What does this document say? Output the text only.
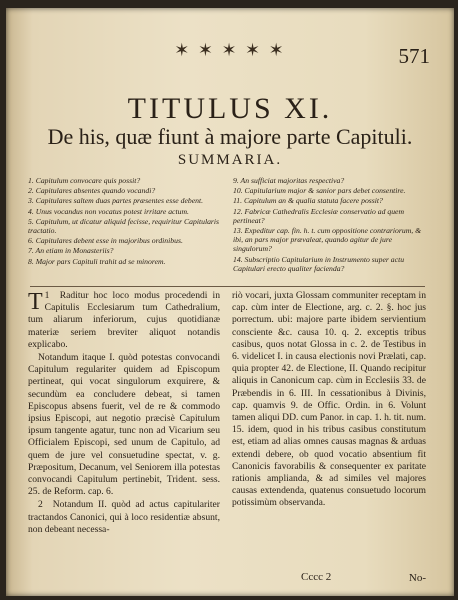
✶ ✶ ✶ ✶ ✶	571
TITULUS XI.
De his, quæ fiunt à majore parte Capituli.
SUMMARIA.
1. Capitulum convocare quis possit?
2. Capitulares absentes quando vocandi?
3. Capitulares saltem duas partes præsentes esse debent.
4. Unus vocandus non vocatus potest irritare actum.
5. Capitulum, ut dicatur aliquid fecisse, requiritur Capitularis tractatio.
6. Capitulares debent esse in majoribus ordinibus.
7. An etiam in Monasteriis?
8. Major pars Capituli trahit ad se minorem.
9. An sufficiat majoritas respectiva?
10. Capitularium major & sanior pars debet consentire.
11. Capitulum an & qualia statuta facere possit?
12. Fabricæ Cathedralis Ecclesiæ conservatio ad quem pertineat?
13. Expeditur cap. fin. h. t. cum oppositione contrariorum, & ibi, an pars major prævaleat, quando agitur de jure singulorum?
14. Subscriptio Capitularium in Instrumento super actu Capitulari erecto qualiter facienda?

1
T Raditur hoc loco modus procedendi in Capitulis Ecclesiarum tum Cathedralium, tum aliarum inferiorum, cujus quotidianæ materiæ seriem breviter aliquot notandis explicabo.

Notandum itaque I. quòd potestas convocandi Capitulum regulariter quidem ad Episcopum pertineat, qui vocat singulorum exquirere, & secundùm ea concludere debeat, si tamen Episcopus absens fuerit, vel de re & commodo ipsius Episcopi, aut negotio præcisè Capitulum ipsum tangente agatur, tunc non ad Vicarium seu Officialem Episcopi, sed unum de Capitulo, ad quem de jure vel consuetudine spectat, v. g. Præpositum, Decanum, vel Seniorem illa potestas convocandi Capitulum pertinebit, Trident. sess. 25. de Reform. cap. 6.

2 Notandum II. quòd ad actus capitulariter tractandos Canonici, qui à loco residentiæ absunt, non debeant necessa-

riò vocari, juxta Glossam communiter receptam in cap. cùm inter de Electione, arg. c. 2. §. hoc jus porrectum. ubi: majore parte ibidem servientium consciente &c. causa 10. q. 2. exceptis tribus casibus, quos notat Glossa in c. 2. de Testibus in 6. videlicet I. in causa electionis novi Prælati, cap. quia propter 42. de Electione, II. Quando recipitur aliquis in Canonicum cap. cùm in Ecclesiis 33. de Præbendis in 6. III. In cessationibus à Divinis, cap. quamvis 9. de Offic. Ordin. in 6. Volunt tamen aliqui DD. cum Panor. in cap. 1. h. tit. num. 15. idem, quod in his tribus casibus constitutum est, etiam ad alias omnes causas magnas & arduas extendi debere, ob quod vocatio absentium fit Canonicis favorabilis & consequenter ex paritate rationis amplianda, & ad similes vel majores causas extendenda, quatenus consuetudo locorum potissimùm observanda.

Cccc 2	No-
